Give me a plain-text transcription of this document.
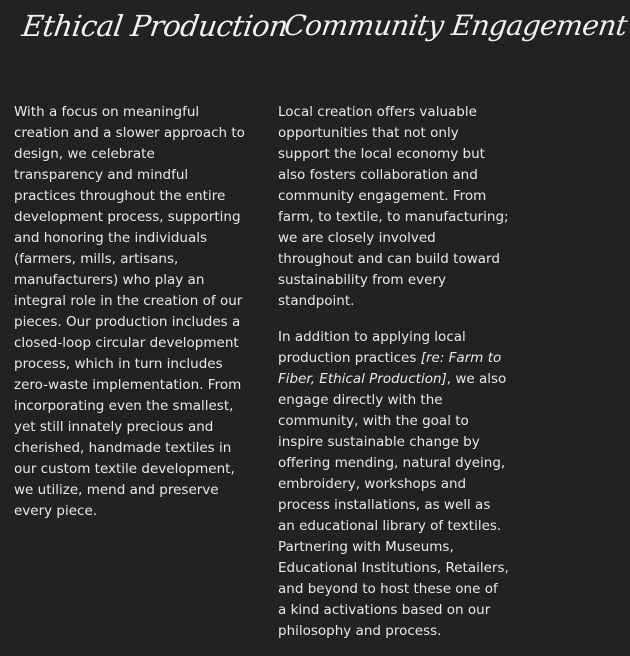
Ethical Production

With a focus on meaningful creation and a slower approach to design, we celebrate transparency and mindful practices throughout the entire development process, supporting and honoring the individuals (farmers, mills, artisans, manufacturers) who play an integral role in the creation of our pieces. Our production includes a closed-loop circular development process, which in turn includes zero-waste implementation. From incorporating even the smallest, yet still innately precious and cherished, handmade textiles in our custom textile development, we utilize, mend and preserve every piece.

Community Engagement

Local creation offers valuable opportunities that not only support the local economy but also fosters collaboration and community engagement. From farm, to textile, to manufacturing; we are closely involved throughout and can build toward sustainability from every standpoint.

In addition to applying local production practices [re: Farm to Fiber, Ethical Production], we also engage directly with the community, with the goal to inspire sustainable change by offering mending, natural dyeing, embroidery, workshops and process installations, as well as an educational library of textiles. Partnering with Museums, Educational Institutions, Retailers, and beyond to host these one of a kind activations based on our philosophy and process.
